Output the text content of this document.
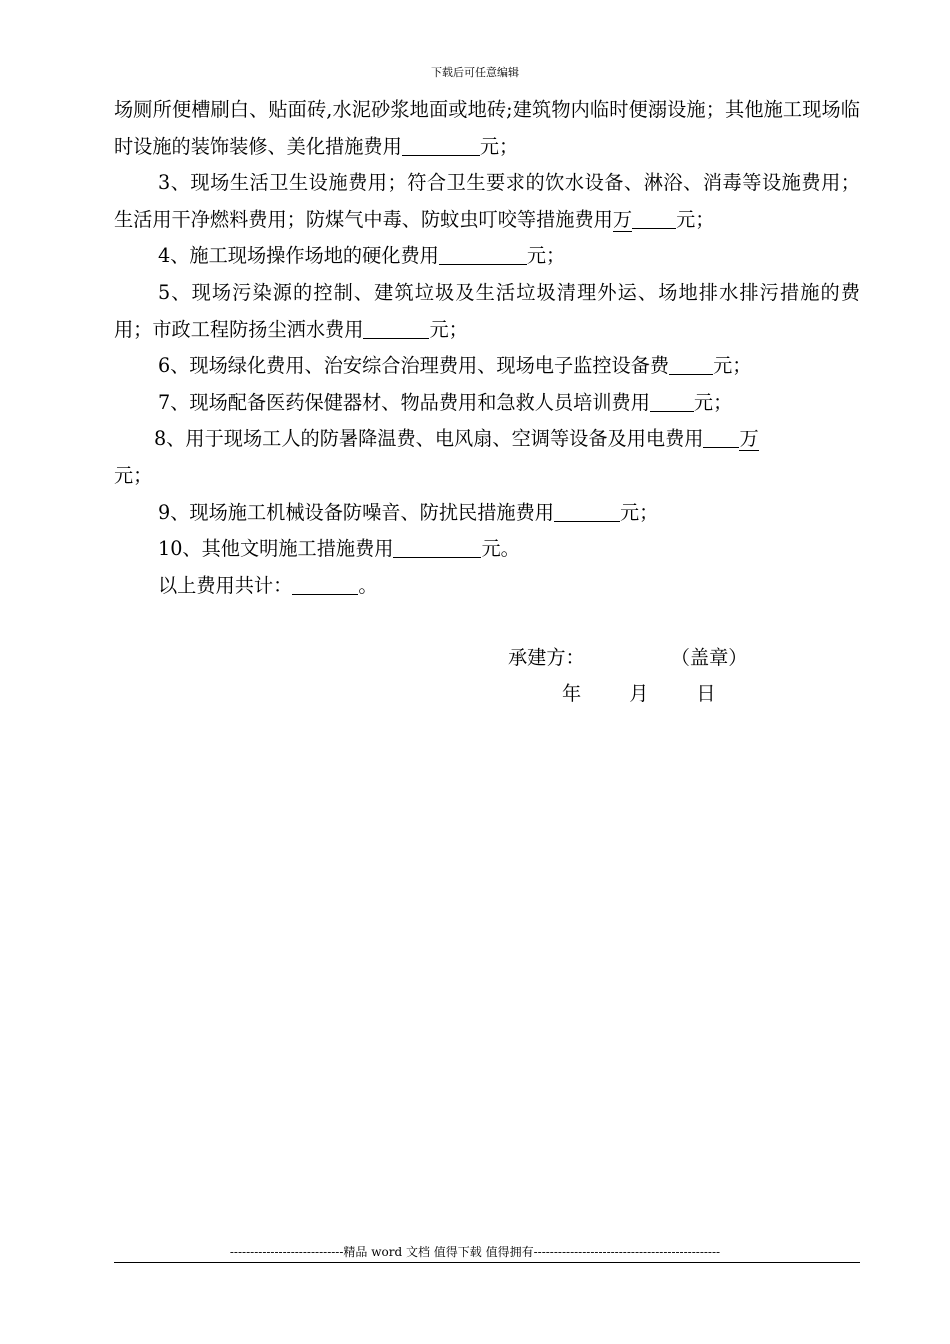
下载后可任意编辑

场厕所便槽刷白、贴面砖,水泥砂浆地面或地砖;建筑物内临时便溺设施；其他施工现场临时设施的装饰装修、美化措施费用	元；

3、现场生活卫生设施费用；符合卫生要求的饮水设备、淋浴、消毒等设施费用；生活用干净燃料费用；防煤气中毒、防蚊虫叮咬等措施费用万 元；

4、施工现场操作场地的硬化费用	元；

5、现场污染源的控制、建筑垃圾及生活垃圾清理外运、场地排水排污措施的费用；市政工程防扬尘洒水费用	元；

6、现场绿化费用、治安综合治理费用、现场电子监控设备费 元；

7、现场配备医药保健器材、物品费用和急救人员培训费用 元；

8、用于现场工人的防暑降温费、电风扇、空调等设备及用电费用 万
元；

9、现场施工机械设备防噪音、防扰民措施费用	元；

10、其他文明施工措施费用	元。

以上费用共计：	。

承建方：	（盖章）
年	月	日
----------------------------精品 word 文档 值得下载 值得拥有----------------------------------------------
